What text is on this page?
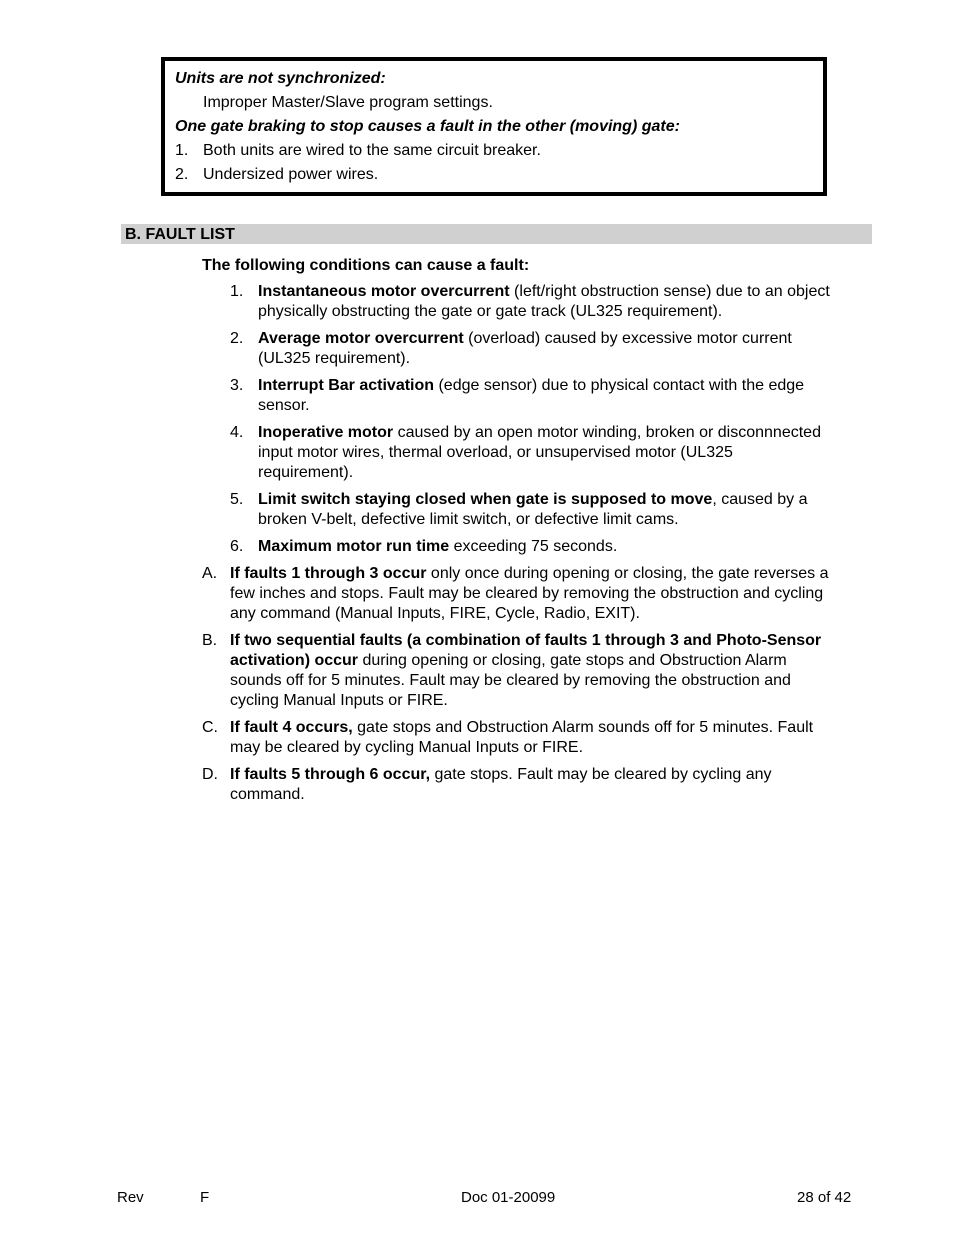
Units are not synchronized:

Improper Master/Slave program settings.

One gate braking to stop causes a fault in the other (moving) gate:

1. Both units are wired to the same circuit breaker.
2. Undersized power wires.
B. FAULT LIST
The following conditions can cause a fault:
1. Instantaneous motor overcurrent (left/right obstruction sense) due to an object physically obstructing the gate or gate track (UL325 requirement).
2. Average motor overcurrent (overload) caused by excessive motor current (UL325 requirement).
3. Interrupt Bar activation (edge sensor) due to physical contact with the edge sensor.
4. Inoperative motor caused by an open motor winding, broken or disconnnected input motor wires, thermal overload, or unsupervised motor (UL325 requirement).
5. Limit switch staying closed when gate is supposed to move, caused by a broken V-belt, defective limit switch, or defective limit cams.
6. Maximum motor run time exceeding 75 seconds.
A. If faults 1 through 3 occur only once during opening or closing, the gate reverses a few inches and stops. Fault may be cleared by removing the obstruction and cycling any command (Manual Inputs, FIRE, Cycle, Radio, EXIT).
B. If two sequential faults (a combination of faults 1 through 3 and Photo-Sensor activation) occur during opening or closing, gate stops and Obstruction Alarm sounds off for 5 minutes. Fault may be cleared by removing the obstruction and cycling Manual Inputs or FIRE.
C. If fault 4 occurs, gate stops and Obstruction Alarm sounds off for 5 minutes. Fault may be cleared by cycling Manual Inputs or FIRE.
D. If faults 5 through 6 occur, gate stops. Fault may be cleared by cycling any command.
Rev	F	Doc 01-20099	28 of 42
